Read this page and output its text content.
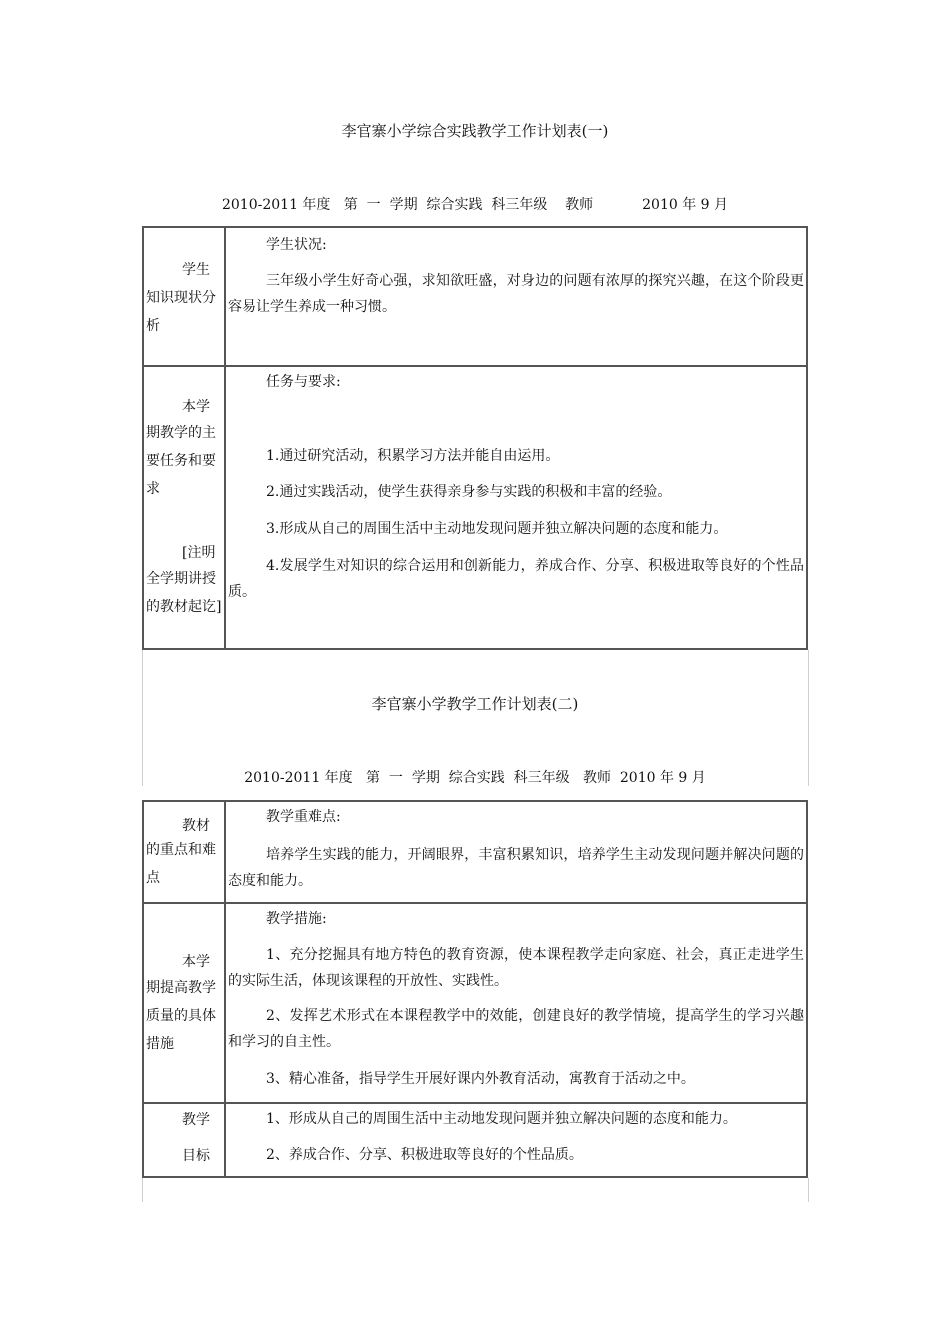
李官寨小学综合实践教学工作计划表(一)
2010-2011 年度   第  一  学期  综合实践  科三年级    教师           2010 年 9 月
学生
知识现状分析
学生状况:
三年级小学生好奇心强，求知欲旺盛，对身边的问题有浓厚的探究兴趣，在这个阶段更容易让学生养成一种习惯。
本学
期教学的主要任务和要求
[注明
全学期讲授的教材起讫]
任务与要求:
1.通过研究活动，积累学习方法并能自由运用。
2.通过实践活动，使学生获得亲身参与实践的积极和丰富的经验。
3.形成从自己的周围生活中主动地发现问题并独立解决问题的态度和能力。
4.发展学生对知识的综合运用和创新能力，养成合作、分享、积极进取等良好的个性品质。
李官寨小学教学工作计划表(二)
2010-2011 年度   第  一  学期  综合实践  科三年级   教师  2010 年 9 月
教材
的重点和难点
教学重难点:
培养学生实践的能力，开阔眼界，丰富积累知识，培养学生主动发现问题并解决问题的态度和能力。
本学
期提高教学质量的具体措施
教学措施:
1、充分挖掘具有地方特色的教育资源，使本课程教学走向家庭、社会，真正走进学生的实际生活，体现该课程的开放性、实践性。
2、发挥艺术形式在本课程教学中的效能，创建良好的教学情境，提高学生的学习兴趣和学习的自主性。
3、精心准备，指导学生开展好课内外教育活动，寓教育于活动之中。
教学
目标
1、形成从自己的周围生活中主动地发现问题并独立解决问题的态度和能力。
2、养成合作、分享、积极进取等良好的个性品质。
